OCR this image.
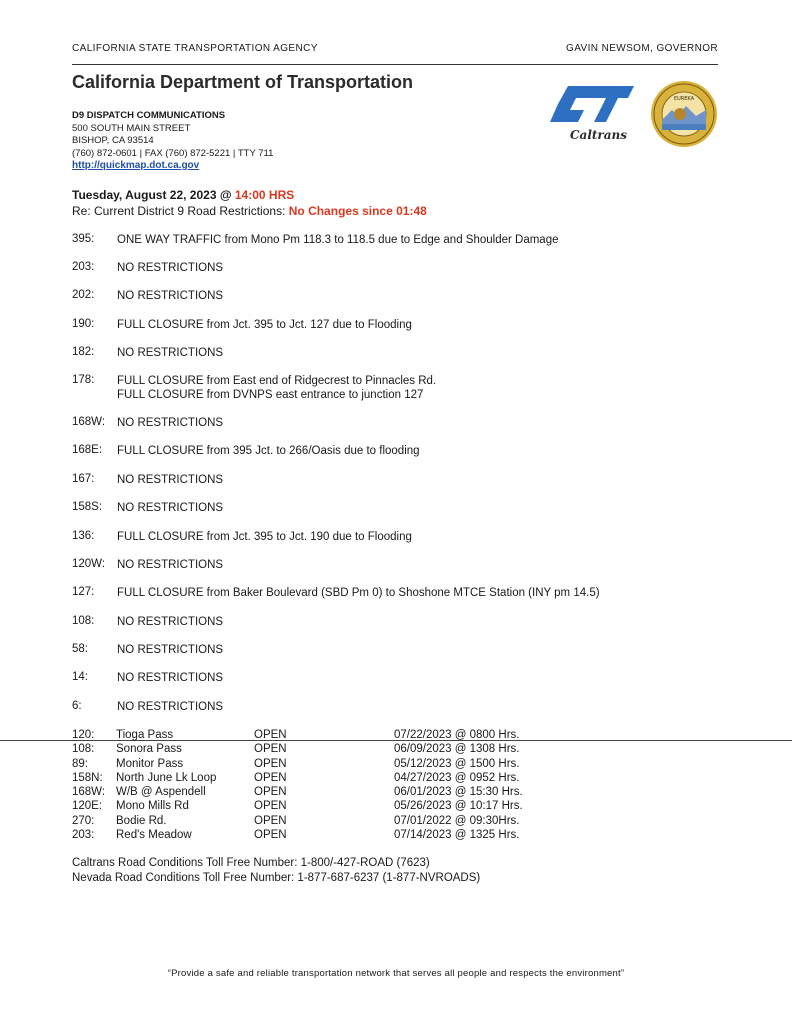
CALIFORNIA STATE TRANSPORTATION AGENCY	GAVIN NEWSOM, GOVERNOR
California Department of Transportation
D9 DISPATCH COMMUNICATIONS
500 SOUTH MAIN STREET
BISHOP, CA 93514
(760) 872-0601 | FAX (760) 872-5221 | TTY 711
http://quickmap.dot.ca.gov
Caltrans
EUREKA
Tuesday, August 22, 2023 @ 14:00 HRS
Re: Current District 9 Road Restrictions: No Changes since 01:48
395:	ONE WAY TRAFFIC from Mono Pm 118.3 to 118.5 due to Edge and Shoulder Damage
203:	NO RESTRICTIONS
202:	NO RESTRICTIONS
190:	FULL CLOSURE from Jct. 395 to Jct. 127 due to Flooding
182:	NO RESTRICTIONS
178:	FULL CLOSURE from East end of Ridgecrest to Pinnacles Rd.
FULL CLOSURE from DVNPS east entrance to junction 127
168W:	NO RESTRICTIONS
168E:	FULL CLOSURE from 395 Jct. to 266/Oasis due to flooding
167:	NO RESTRICTIONS
158S:	NO RESTRICTIONS
136:	FULL CLOSURE from Jct. 395 to Jct. 190 due to Flooding
120W:	NO RESTRICTIONS
127:	FULL CLOSURE from Baker Boulevard (SBD Pm 0) to Shoshone MTCE Station (INY pm 14.5)
108:	NO RESTRICTIONS
58:	NO RESTRICTIONS
14:	NO RESTRICTIONS
6:	NO RESTRICTIONS
120:	Tioga Pass	OPEN	07/22/2023 @ 0800 Hrs.
108:	Sonora Pass	OPEN	06/09/2023 @ 1308 Hrs.
89:	Monitor Pass	OPEN	05/12/2023 @ 1500 Hrs.
158N:	North June Lk Loop	OPEN	04/27/2023 @ 0952 Hrs.
168W:	W/B @ Aspendell	OPEN	06/01/2023 @ 15:30 Hrs.
120E:	Mono Mills Rd	OPEN	05/26/2023 @ 10:17 Hrs.
270:	Bodie Rd.	OPEN	07/01/2022 @ 09:30Hrs.
203:	Red's Meadow	OPEN	07/14/2023 @ 1325 Hrs.
Caltrans Road Conditions Toll Free Number: 1-800/-427-ROAD (7623)
Nevada Road Conditions Toll Free Number: 1-877-687-6237 (1-877-NVROADS)
“Provide a safe and reliable transportation network that serves all people and respects the environment”
